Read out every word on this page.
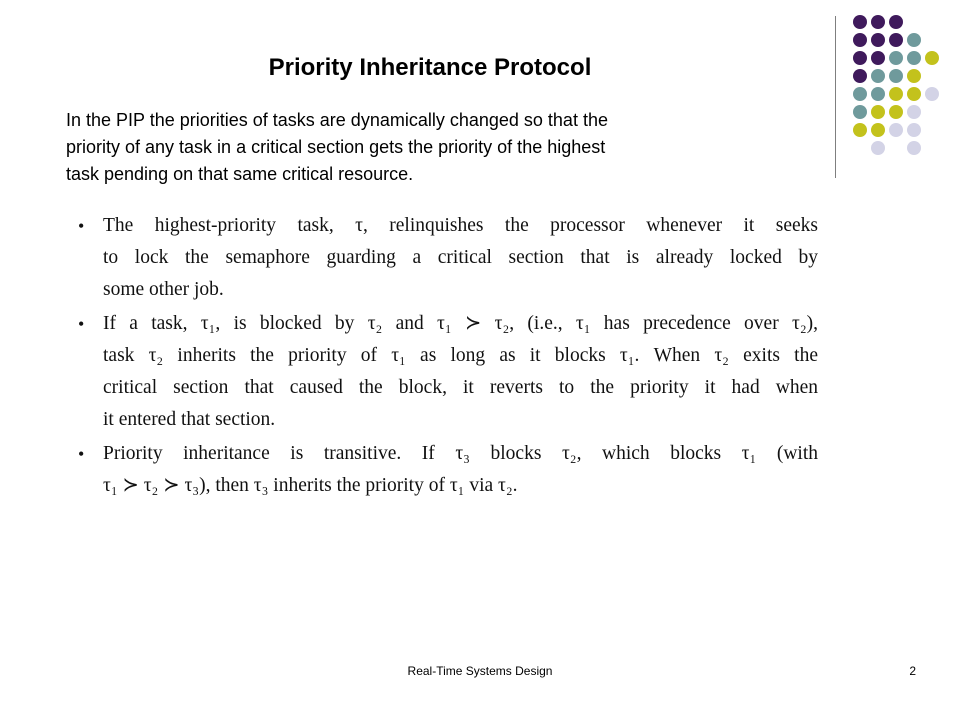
Priority Inheritance Protocol
In the PIP the priorities of tasks are dynamically changed so that the
priority of any task in a critical section gets the priority of the highest
task pending on that same critical resource.
• The highest-priority task, τ, relinquishes the processor whenever it seeks
to lock the semaphore guarding a critical section that is already locked by
some other job.
• If a task, τ₁, is blocked by τ₂ and τ₁ ≻ τ₂, (i.e., τ₁ has precedence over τ₂),
task τ₂ inherits the priority of τ₁ as long as it blocks τ₁. When τ₂ exits the
critical section that caused the block, it reverts to the priority it had when
it entered that section.
• Priority inheritance is transitive. If τ₃ blocks τ₂, which blocks τ₁ (with
τ₁ ≻ τ₂ ≻ τ₃), then τ₃ inherits the priority of τ₁ via τ₂.
Real-Time Systems Design	2
